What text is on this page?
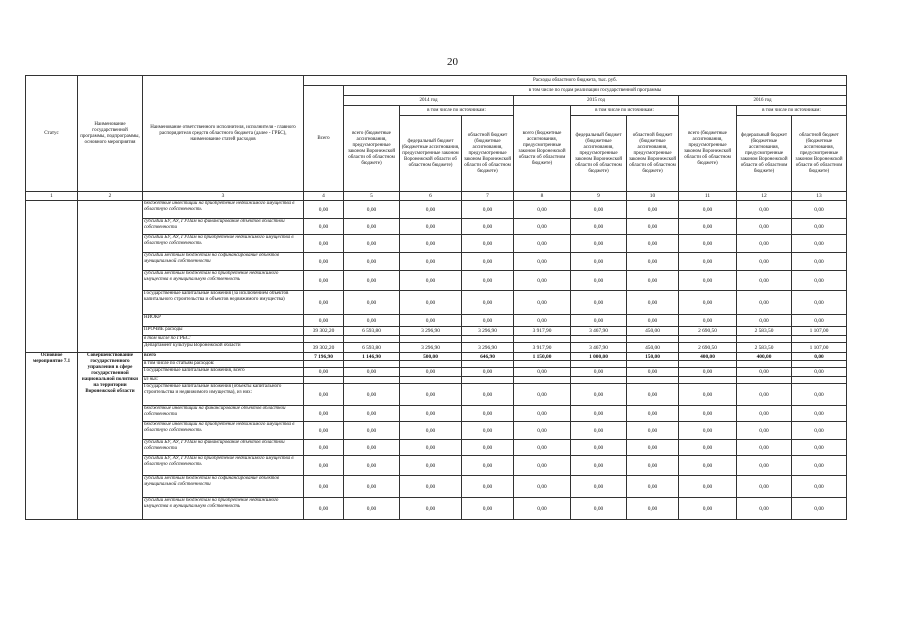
20
Статус	Наименование государственной программы, подпрограммы, основного мероприятия	Наименование ответственного исполнителя, исполнителя - главного распорядителя средств областного бюджета (далее - ГРБС), наименование статей расходов	Расходы областного бюджета, тыс. руб.									
			Всего	в том числе по годам реализации государственной программы								
				2014 год			2015 год			2016 год		
				всего (бюджетные ассигнования, предусмотренные законом Воронежской области об областном бюджете)	в том числе по источникам:		всего (бюджетные ассигнования, предусмотренные законом Воронежской области об областном бюджете)	в том числе по источникам:		всего (бюджетные ассигнования, предусмотренные законом Воронежской области об областном бюджете)	в том числе по источникам:	
					федеральный бюджет (бюджетные ассигнования, предусмотренные законом Воронежской области об областном бюджете)	областной бюджет (бюджетные ассигнования, предусмотренные законом Воронежской области об областном бюджете)		федеральный бюджет (бюджетные ассигнования, предусмотренные законом Воронежской области об областном бюджете)	областной бюджет (бюджетные ассигнования, предусмотренные законом Воронежской области об областном бюджете)		федеральный бюджет (бюджетные ассигнования, предусмотренные законом Воронежской области об областном бюджете)	областной бюджет (бюджетные ассигнования, предусмотренные законом Воронежской области об областном бюджете)
1	2	3	4	5	6	7	8	9	10	11	12	13
		бюджетные инвестиции на приобретение недвижимого имущества в областную собственность	0,00	0,00	0,00	0,00	0,00	0,00	0,00	0,00	0,00	0,00
		субсидии БУ, АУ, ГУПам на финансирование объектов областной собственности	0,00	0,00	0,00	0,00	0,00	0,00	0,00	0,00	0,00	0,00
		субсидии БУ, АУ, ГУПам на приобретение недвижимого имущества в областную собственность	0,00	0,00	0,00	0,00	0,00	0,00	0,00	0,00	0,00	0,00
		субсидии местным бюджетам на софинансирование объектов муниципальной собственности	0,00	0,00	0,00	0,00	0,00	0,00	0,00	0,00	0,00	0,00
		субсидии местным бюджетам на приобретение недвижимого имущества в муниципальную собственность	0,00	0,00	0,00	0,00	0,00	0,00	0,00	0,00	0,00	0,00
		Государственные капитальные вложения (за исключением объектов капитального строительства и объектов недвижимого имущества)	0,00	0,00	0,00	0,00	0,00	0,00	0,00	0,00	0,00	0,00
		НИОКР	0,00	0,00	0,00	0,00	0,00	0,00	0,00	0,00	0,00	0,00
		ПРОЧИЕ расходы	39 302,20	6 593,80	3 296,90	3 296,90	3 917,90	3 467,90	450,00	2 690,50	2 583,50	1 107,00
		в том числе по ГРБС:										
		Департамент культуры Воронежской области	39 302,20	6 593,80	3 296,90	3 296,90	3 917,90	3 467,90	450,00	2 690,50	2 583,50	1 107,00
Основное мероприятие 7.1	Совершенствование государственного управления в сфере государственной национальной политики на территории Воронежской области	всего	7 196,90	1 146,90	500,00	646,90	1 150,00	1 000,00	150,00	400,00	400,00	0,00
		в том числе по статьям расходов:										
		Государственные капитальные вложения, всего	0,00	0,00	0,00	0,00	0,00	0,00	0,00	0,00	0,00	0,00
		из них:										
		Государственные капитальные вложения (объекты капитального строительства и недвижимого имущества), из них:	0,00	0,00	0,00	0,00	0,00	0,00	0,00	0,00	0,00	0,00
		бюджетные инвестиции на финансирование объектов областной собственности	0,00	0,00	0,00	0,00	0,00	0,00	0,00	0,00	0,00	0,00
		бюджетные инвестиции на приобретение недвижимого имущества в областную собственность	0,00	0,00	0,00	0,00	0,00	0,00	0,00	0,00	0,00	0,00
		субсидии БУ, АУ, ГУПам на финансирование объектов областной собственности	0,00	0,00	0,00	0,00	0,00	0,00	0,00	0,00	0,00	0,00
		субсидии БУ, АУ, ГУПам на приобретение недвижимого имущества в областную собственность	0,00	0,00	0,00	0,00	0,00	0,00	0,00	0,00	0,00	0,00
		субсидии местным бюджетам на софинансирование объектов муниципальной собственности	0,00	0,00	0,00	0,00	0,00	0,00	0,00	0,00	0,00	0,00
		субсидии местным бюджетам на приобретение недвижимого имущества в муниципальную собственность	0,00	0,00	0,00	0,00	0,00	0,00	0,00	0,00	0,00	0,00
